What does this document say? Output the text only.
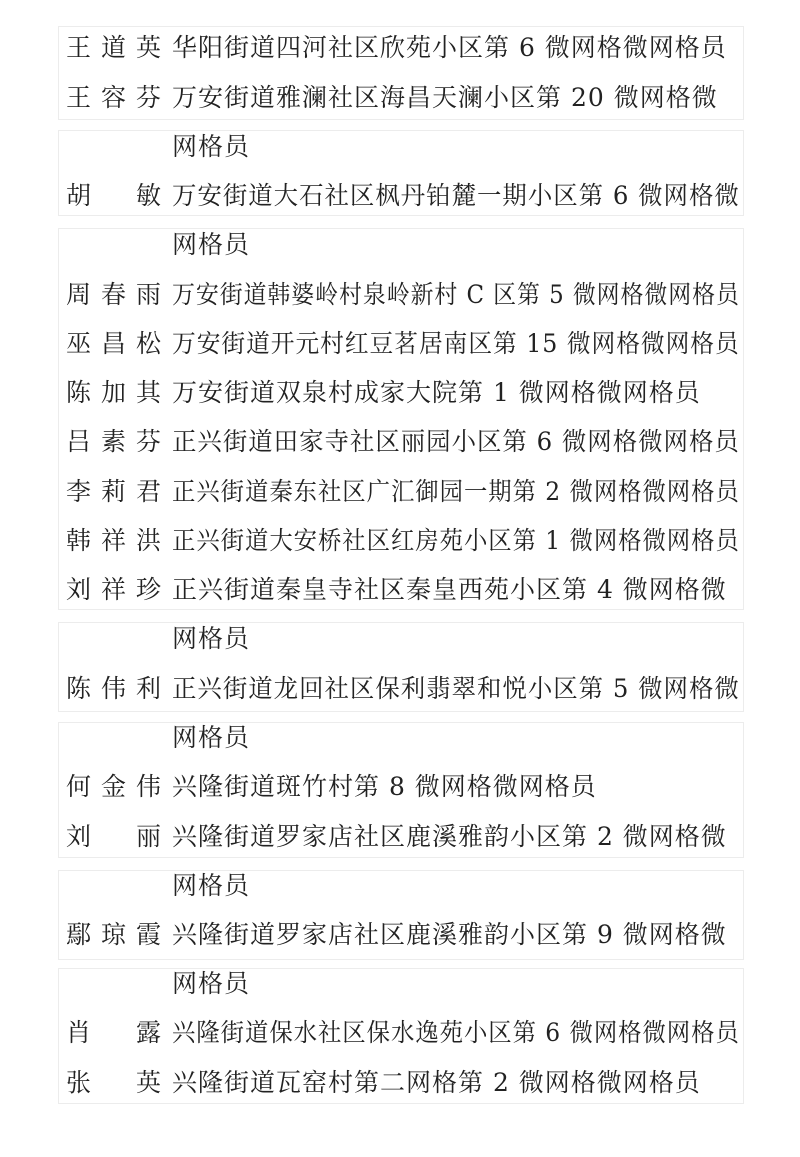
王道英 华阳街道四河社区欣苑小区第 6 微网格微网格员
王容芬 万安街道雅澜社区海昌天澜小区第 20 微网格微
网格员
胡　敏 万安街道大石社区枫丹铂麓一期小区第 6 微网格微
网格员
周春雨 万安街道韩婆岭村泉岭新村 C 区第 5 微网格微网格员
巫昌松 万安街道开元村红豆茗居南区第 15 微网格微网格员
陈加其 万安街道双泉村成家大院第 1 微网格微网格员
吕素芬 正兴街道田家寺社区丽园小区第 6 微网格微网格员
李莉君 正兴街道秦东社区广汇御园一期第 2 微网格微网格员
韩祥洪 正兴街道大安桥社区红房苑小区第 1 微网格微网格员
刘祥珍 正兴街道秦皇寺社区秦皇西苑小区第 4 微网格微
网格员
陈伟利 正兴街道龙回社区保利翡翠和悦小区第 5 微网格微
网格员
何金伟 兴隆街道斑竹村第 8 微网格微网格员
刘　丽 兴隆街道罗家店社区鹿溪雅韵小区第 2 微网格微
网格员
鄢琼霞 兴隆街道罗家店社区鹿溪雅韵小区第 9 微网格微
网格员
肖　露 兴隆街道保水社区保水逸苑小区第 6 微网格微网格员
张　英 兴隆街道瓦窑村第二网格第 2 微网格微网格员
